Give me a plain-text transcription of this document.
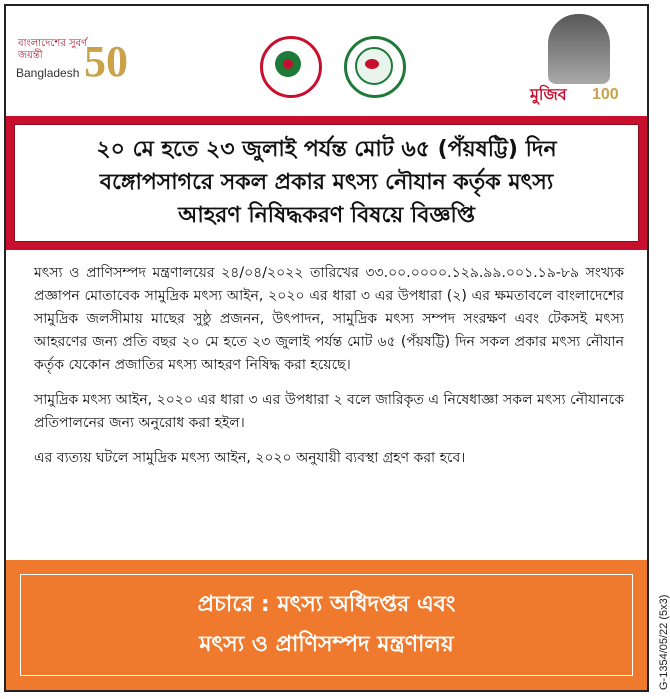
বাংলাদেশের সুবর্ণ জয়ন্তী
Bangladesh 50
মুজিব 100
২০ মে হতে ২৩ জুলাই পর্যন্ত মোট ৬৫ (পঁয়ষট্টি) দিন
বঙ্গোপসাগরে সকল প্রকার মৎস্য নৌযান কর্তৃক মৎস্য
আহরণ নিষিদ্ধকরণ বিষয়ে বিজ্ঞপ্তি

মৎস্য ও প্রাণিসম্পদ মন্ত্রণালয়ের ২৪/০৪/২০২২ তারিখের ৩৩.০০.০০০০.১২৯.৯৯.০০১.১৯-৮৯ সংখ্যক প্রজ্ঞাপন মোতাবেক সামুদ্রিক মৎস্য আইন, ২০২০ এর ধারা ৩ এর উপধারা (২) এর ক্ষমতাবলে বাংলাদেশের সামুদ্রিক জলসীমায় মাছের সুষ্ঠু প্রজনন, উৎপাদন, সামুদ্রিক মৎস্য সম্পদ সংরক্ষণ এবং টেকসই মৎস্য আহরণের জন্য প্রতি বছর ২০ মে হতে ২৩ জুলাই পর্যন্ত মোট ৬৫ (পঁয়ষট্টি) দিন সকল প্রকার মৎস্য নৌযান কর্তৃক যেকোন প্রজাতির মৎস্য আহরণ নিষিদ্ধ করা হয়েছে।

সামুদ্রিক মৎস্য আইন, ২০২০ এর ধারা ৩ এর উপধারা ২ বলে জারিকৃত এ নিষেধাজ্ঞা সকল মৎস্য নৌযানকে প্রতিপালনের জন্য অনুরোধ করা হইল।

এর ব্যত্যয় ঘটলে সামুদ্রিক মৎস্য আইন, ২০২০ অনুযায়ী ব্যবস্থা গ্রহণ করা হবে।

প্রচারে : মৎস্য অধিদপ্তর এবং
মৎস্য ও প্রাণিসম্পদ মন্ত্রণালয়	G-1354/05/22 (5x3)
